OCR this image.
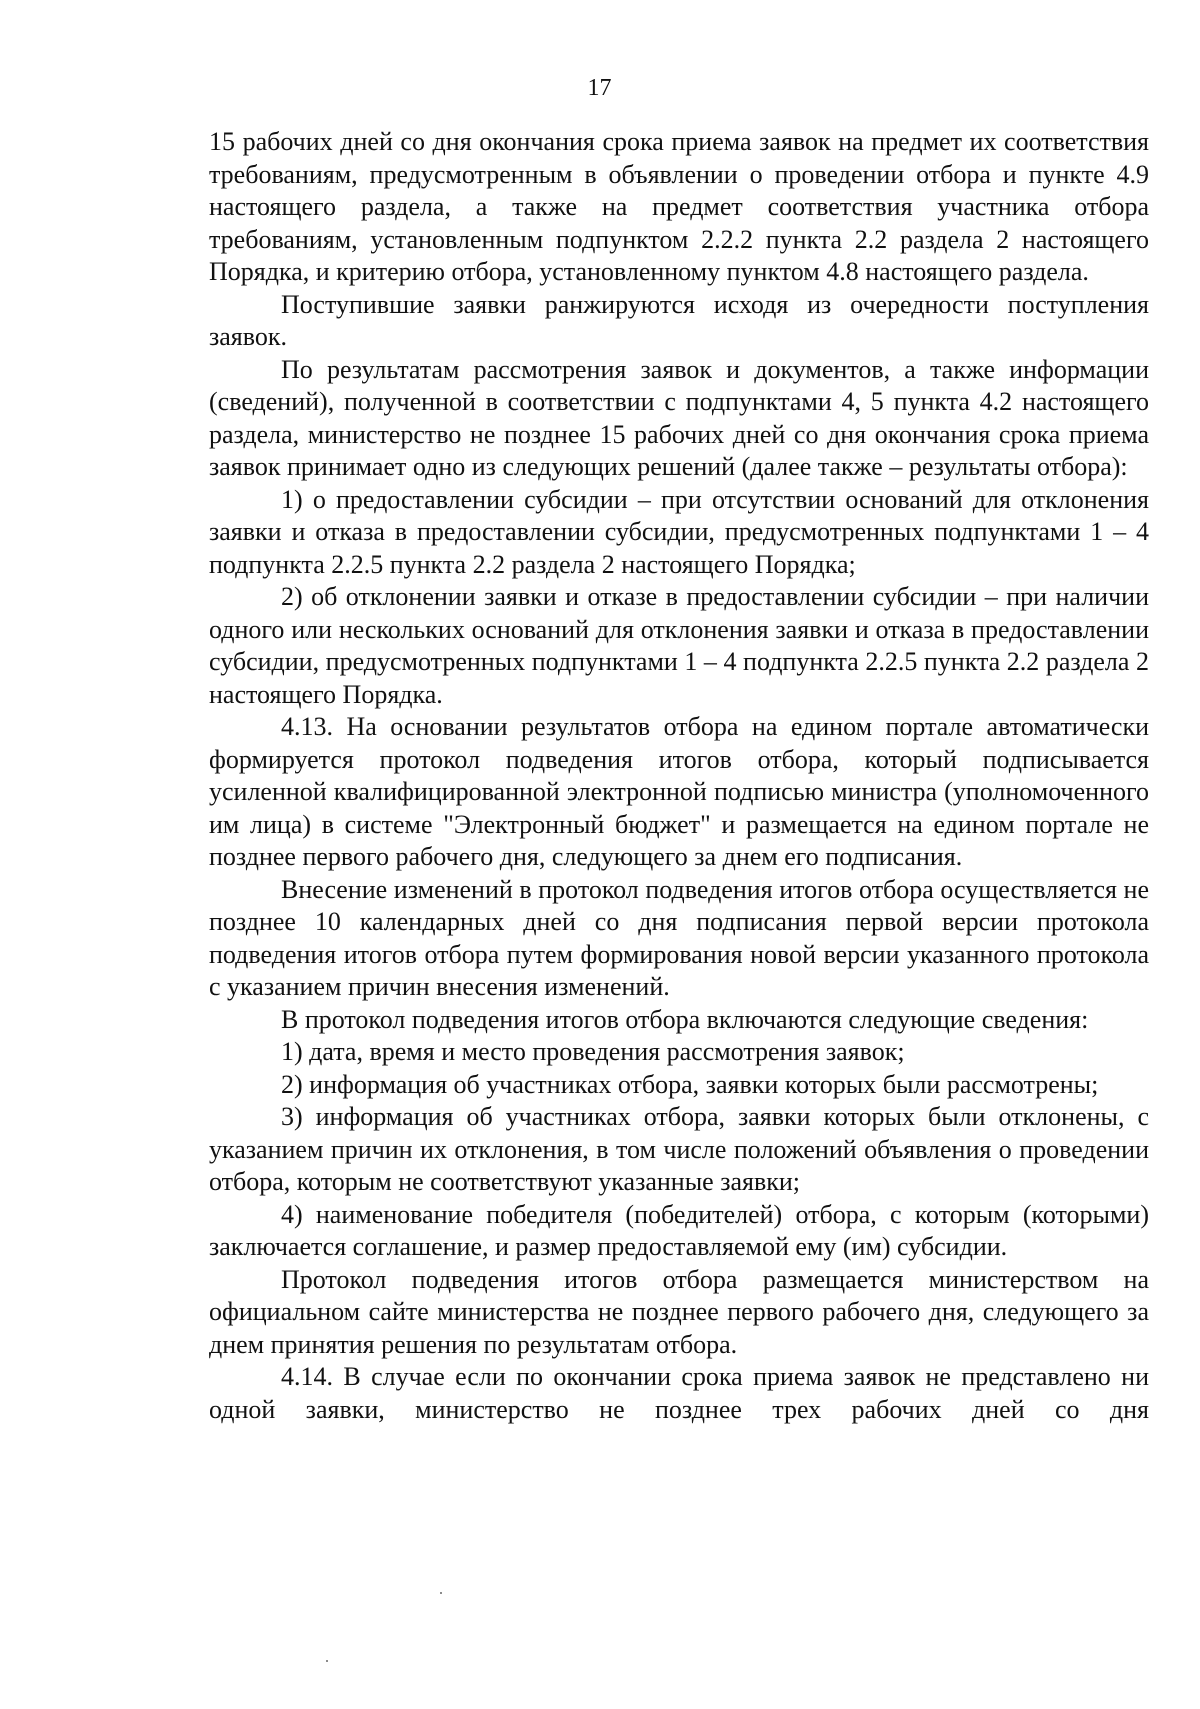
17

15 рабочих дней со дня окончания срока приема заявок на предмет их соответствия требованиям, предусмотренным в объявлении о проведении отбора и пункте 4.9 настоящего раздела, а также на предмет соответствия участника отбора требованиям, установленным подпунктом 2.2.2 пункта 2.2 раздела 2 настоящего Порядка, и критерию отбора, установленному пунктом 4.8 настоящего раздела.

Поступившие заявки ранжируются исходя из очередности поступления заявок.

По результатам рассмотрения заявок и документов, а также информации (сведений), полученной в соответствии с подпунктами 4, 5 пункта 4.2 настоящего раздела, министерство не позднее 15 рабочих дней со дня окончания срока приема заявок принимает одно из следующих решений (далее также – результаты отбора):

1) о предоставлении субсидии – при отсутствии оснований для отклонения заявки и отказа в предоставлении субсидии, предусмотренных подпунктами 1 – 4 подпункта 2.2.5 пункта 2.2 раздела 2 настоящего Порядка;

2) об отклонении заявки и отказе в предоставлении субсидии – при наличии одного или нескольких оснований для отклонения заявки и отказа в предоставлении субсидии, предусмотренных подпунктами 1 – 4 подпункта 2.2.5 пункта 2.2 раздела 2 настоящего Порядка.

4.13. На основании результатов отбора на едином портале автоматически формируется протокол подведения итогов отбора, который подписывается усиленной квалифицированной электронной подписью министра (уполномоченного им лица) в системе "Электронный бюджет" и размещается на едином портале не позднее первого рабочего дня, следующего за днем его подписания.

Внесение изменений в протокол подведения итогов отбора осуществляется не позднее 10 календарных дней со дня подписания первой версии протокола подведения итогов отбора путем формирования новой версии указанного протокола с указанием причин внесения изменений.

В протокол подведения итогов отбора включаются следующие сведения:

1) дата, время и место проведения рассмотрения заявок;

2) информация об участниках отбора, заявки которых были рассмотрены;

3) информация об участниках отбора, заявки которых были отклонены, с указанием причин их отклонения, в том числе положений объявления о проведении отбора, которым не соответствуют указанные заявки;

4) наименование победителя (победителей) отбора, с которым (которыми) заключается соглашение, и размер предоставляемой ему (им) субсидии.

Протокол подведения итогов отбора размещается министерством на официальном сайте министерства не позднее первого рабочего дня, следующего за днем принятия решения по результатам отбора.

4.14. В случае если по окончании срока приема заявок не представлено ни одной заявки, министерство не позднее трех рабочих дней со дня
